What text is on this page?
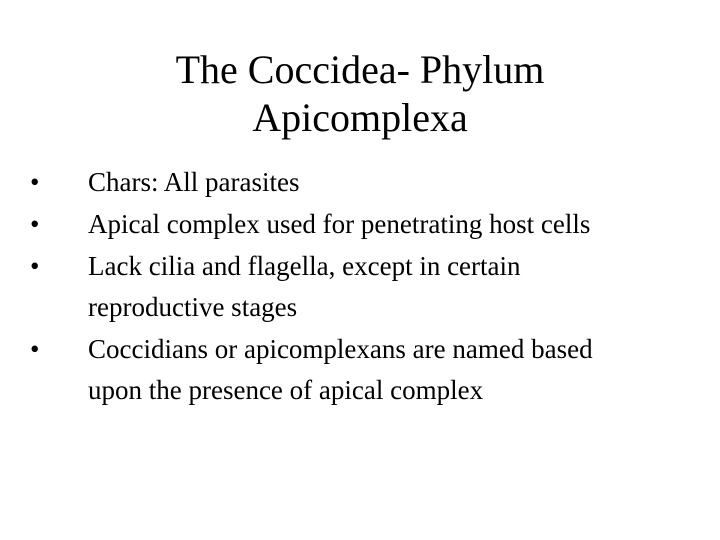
The Coccidea- Phylum
Apicomplexa
•	Chars: All parasites
•	Apical complex used for penetrating host cells
•	Lack cilia and flagella, except in certain reproductive stages
•	Coccidians or apicomplexans are named based upon the presence of apical complex
